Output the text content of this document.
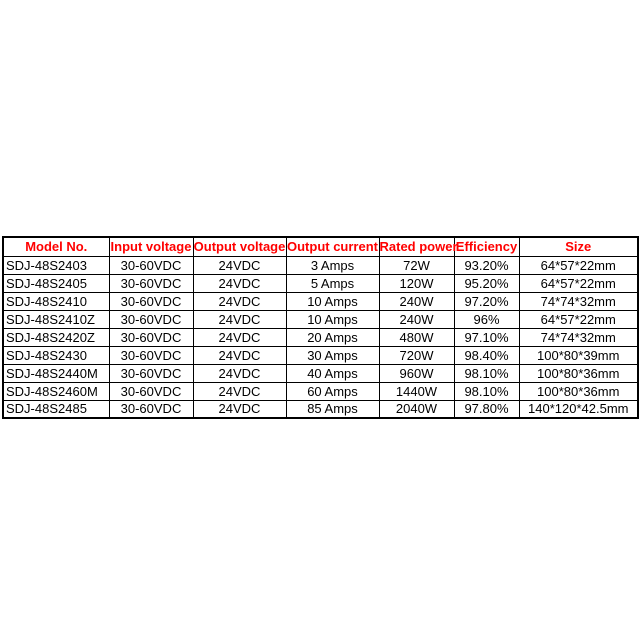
Model No.	Input voltage	Output voltage	Output current	Rated power	Efficiency	Size
SDJ-48S2403	30-60VDC	24VDC	3 Amps	72W	93.20%	64*57*22mm
SDJ-48S2405	30-60VDC	24VDC	5 Amps	120W	95.20%	64*57*22mm
SDJ-48S2410	30-60VDC	24VDC	10 Amps	240W	97.20%	74*74*32mm
SDJ-48S2410Z	30-60VDC	24VDC	10 Amps	240W	96%	64*57*22mm
SDJ-48S2420Z	30-60VDC	24VDC	20 Amps	480W	97.10%	74*74*32mm
SDJ-48S2430	30-60VDC	24VDC	30 Amps	720W	98.40%	100*80*39mm
SDJ-48S2440M	30-60VDC	24VDC	40 Amps	960W	98.10%	100*80*36mm
SDJ-48S2460M	30-60VDC	24VDC	60 Amps	1440W	98.10%	100*80*36mm
SDJ-48S2485	30-60VDC	24VDC	85 Amps	2040W	97.80%	140*120*42.5mm
